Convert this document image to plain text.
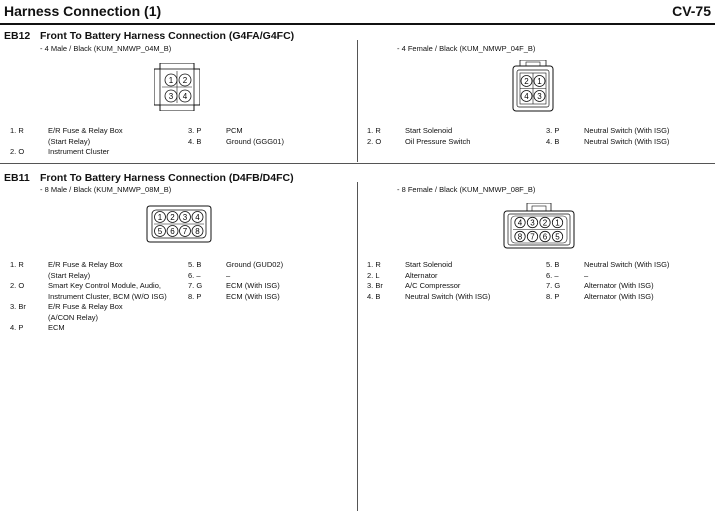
Harness Connection (1)	CV-75
EB12 Front To Battery Harness Connection (G4FA/G4FC)
- 4 Male / Black (KUM_NMWP_04M_B)	- 4 Female / Black (KUM_NMWP_04F_B)
1 2
3 4
2 1
4 3
1. R	E/R Fuse & Relay Box
(Start Relay)
2. O	Instrument Cluster
3. P	PCM
4. B	Ground (GGG01)
1. R	Start Solenoid
2. O	Oil Pressure Switch
3. P	Neutral Switch (With ISG)
4. B	Neutral Switch (With ISG)
EB11 Front To Battery Harness Connection (D4FB/D4FC)
- 8 Male / Black (KUM_NMWP_08M_B)	- 8 Female / Black (KUM_NMWP_08F_B)
1 2 3 4
5 6 7 8
4 3 2 1
8 7 6 5
1. R	E/R Fuse & Relay Box
(Start Relay)
2. O	Smart Key Control Module, Audio,
Instrument Cluster, BCM (W/O ISG)
3. Br	E/R Fuse & Relay Box
(A/CON Relay)
4. P	ECM
5. B	Ground (GUD02)
6. –	–
7. G	ECM (With ISG)
8. P	ECM (With ISG)
1. R	Start Solenoid
2. L	Alternator
3. Br	A/C Compressor
4. B	Neutral Switch (With ISG)
5. B	Neutral Switch (With ISG)
6. –	–
7. G	Alternator (With ISG)
8. P	Alternator (With ISG)
